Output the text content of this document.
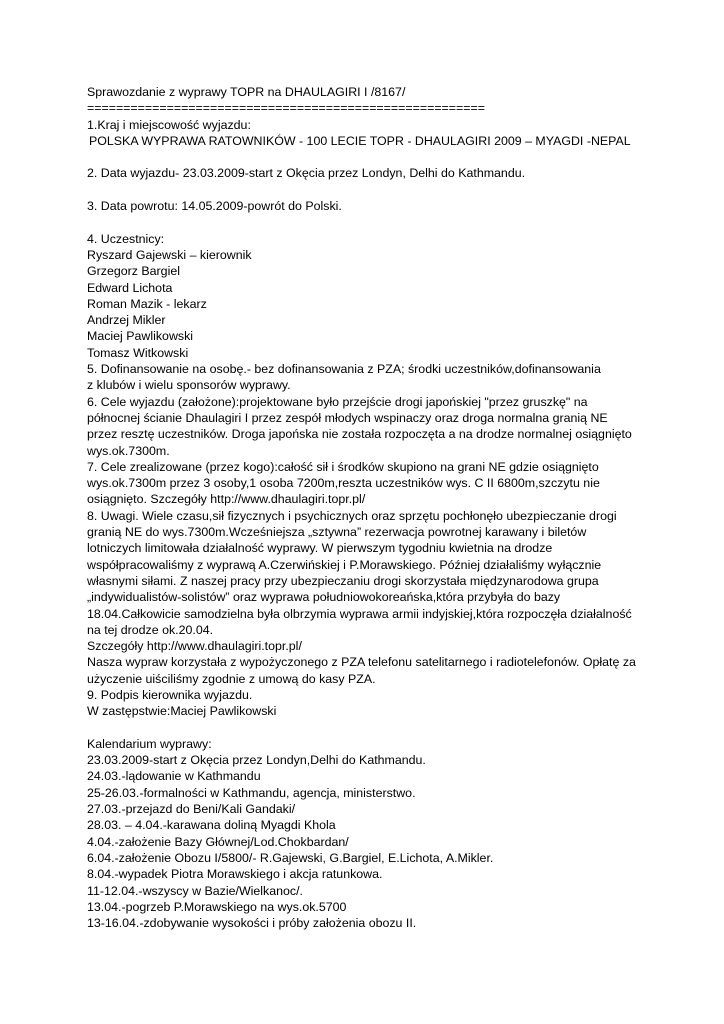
Sprawozdanie z wyprawy TOPR na DHAULAGIRI I /8167/
=======================================================
1.Kraj i miejscowość wyjazdu:
POLSKA WYPRAWA RATOWNIKÓW - 100 LECIE TOPR - DHAULAGIRI 2009 – MYAGDI -NEPAL
2. Data wyjazdu- 23.03.2009-start z Okęcia przez Londyn, Delhi do Kathmandu.
3. Data powrotu: 14.05.2009-powrót do Polski.
4. Uczestnicy:
Ryszard Gajewski – kierownik
Grzegorz Bargiel
Edward Lichota
Roman Mazik - lekarz
Andrzej Mikler
Maciej Pawlikowski
Tomasz Witkowski
5. Dofinansowanie na osobę.- bez dofinansowania z PZA; środki uczestników,dofinansowania
z klubów i wielu sponsorów wyprawy.
6. Cele wyjazdu (założone):projektowane było przejście drogi japońskiej "przez gruszkę" na
północnej ścianie Dhaulagiri I przez zespół młodych wspinaczy oraz droga normalna granią NE
przez resztę uczestników. Droga japońska nie została rozpoczęta a na drodze normalnej osiągnięto
wys.ok.7300m.
7. Cele zrealizowane (przez kogo):całość sił i środków skupiono na grani NE gdzie osiągnięto
wys.ok.7300m przez 3 osoby,1 osoba 7200m,reszta uczestników wys. C II 6800m,szczytu nie
osiągnięto. Szczegóły http://www.dhaulagiri.topr.pl/
8. Uwagi. Wiele czasu,sił fizycznych i psychicznych oraz sprzętu pochłonęło ubezpieczanie drogi
granią NE do wys.7300m.Wcześniejsza „sztywna” rezerwacja powrotnej karawany i biletów
lotniczych limitowała działalność wyprawy. W pierwszym tygodniu kwietnia na drodze
współpracowaliśmy z wyprawą A.Czerwińskiej i P.Morawskiego. Później działaliśmy wyłącznie
własnymi siłami. Z naszej pracy przy ubezpieczaniu drogi skorzystała międzynarodowa grupa
„indywidualistów-solistów” oraz wyprawa południowokoreańska,która przybyła do bazy
18.04.Całkowicie samodzielna była olbrzymia wyprawa armii indyjskiej,która rozpoczęła działalność
na tej drodze ok.20.04.
Szczegóły http://www.dhaulagiri.topr.pl/
Nasza wypraw korzystała z wypożyczonego z PZA telefonu satelitarnego i radiotelefonów. Opłatę za
użyczenie uiściliśmy zgodnie z umową do kasy PZA.
9. Podpis kierownika wyjazdu.
W zastępstwie:Maciej Pawlikowski
Kalendarium wyprawy:
23.03.2009-start z Okęcia przez Londyn,Delhi do Kathmandu.
24.03.-lądowanie w Kathmandu
25-26.03.-formalności w Kathmandu, agencja, ministerstwo.
27.03.-przejazd do Beni/Kali Gandaki/
28.03. – 4.04.-karawana doliną Myagdi Khola
4.04.-założenie Bazy Głównej/Lod.Chokbardan/
6.04.-założenie Obozu I/5800/- R.Gajewski, G.Bargiel, E.Lichota, A.Mikler.
8.04.-wypadek Piotra Morawskiego i akcja ratunkowa.
11-12.04.-wszyscy w Bazie/Wielkanoc/.
13.04.-pogrzeb P.Morawskiego na wys.ok.5700
13-16.04.-zdobywanie wysokości i próby założenia obozu II.
